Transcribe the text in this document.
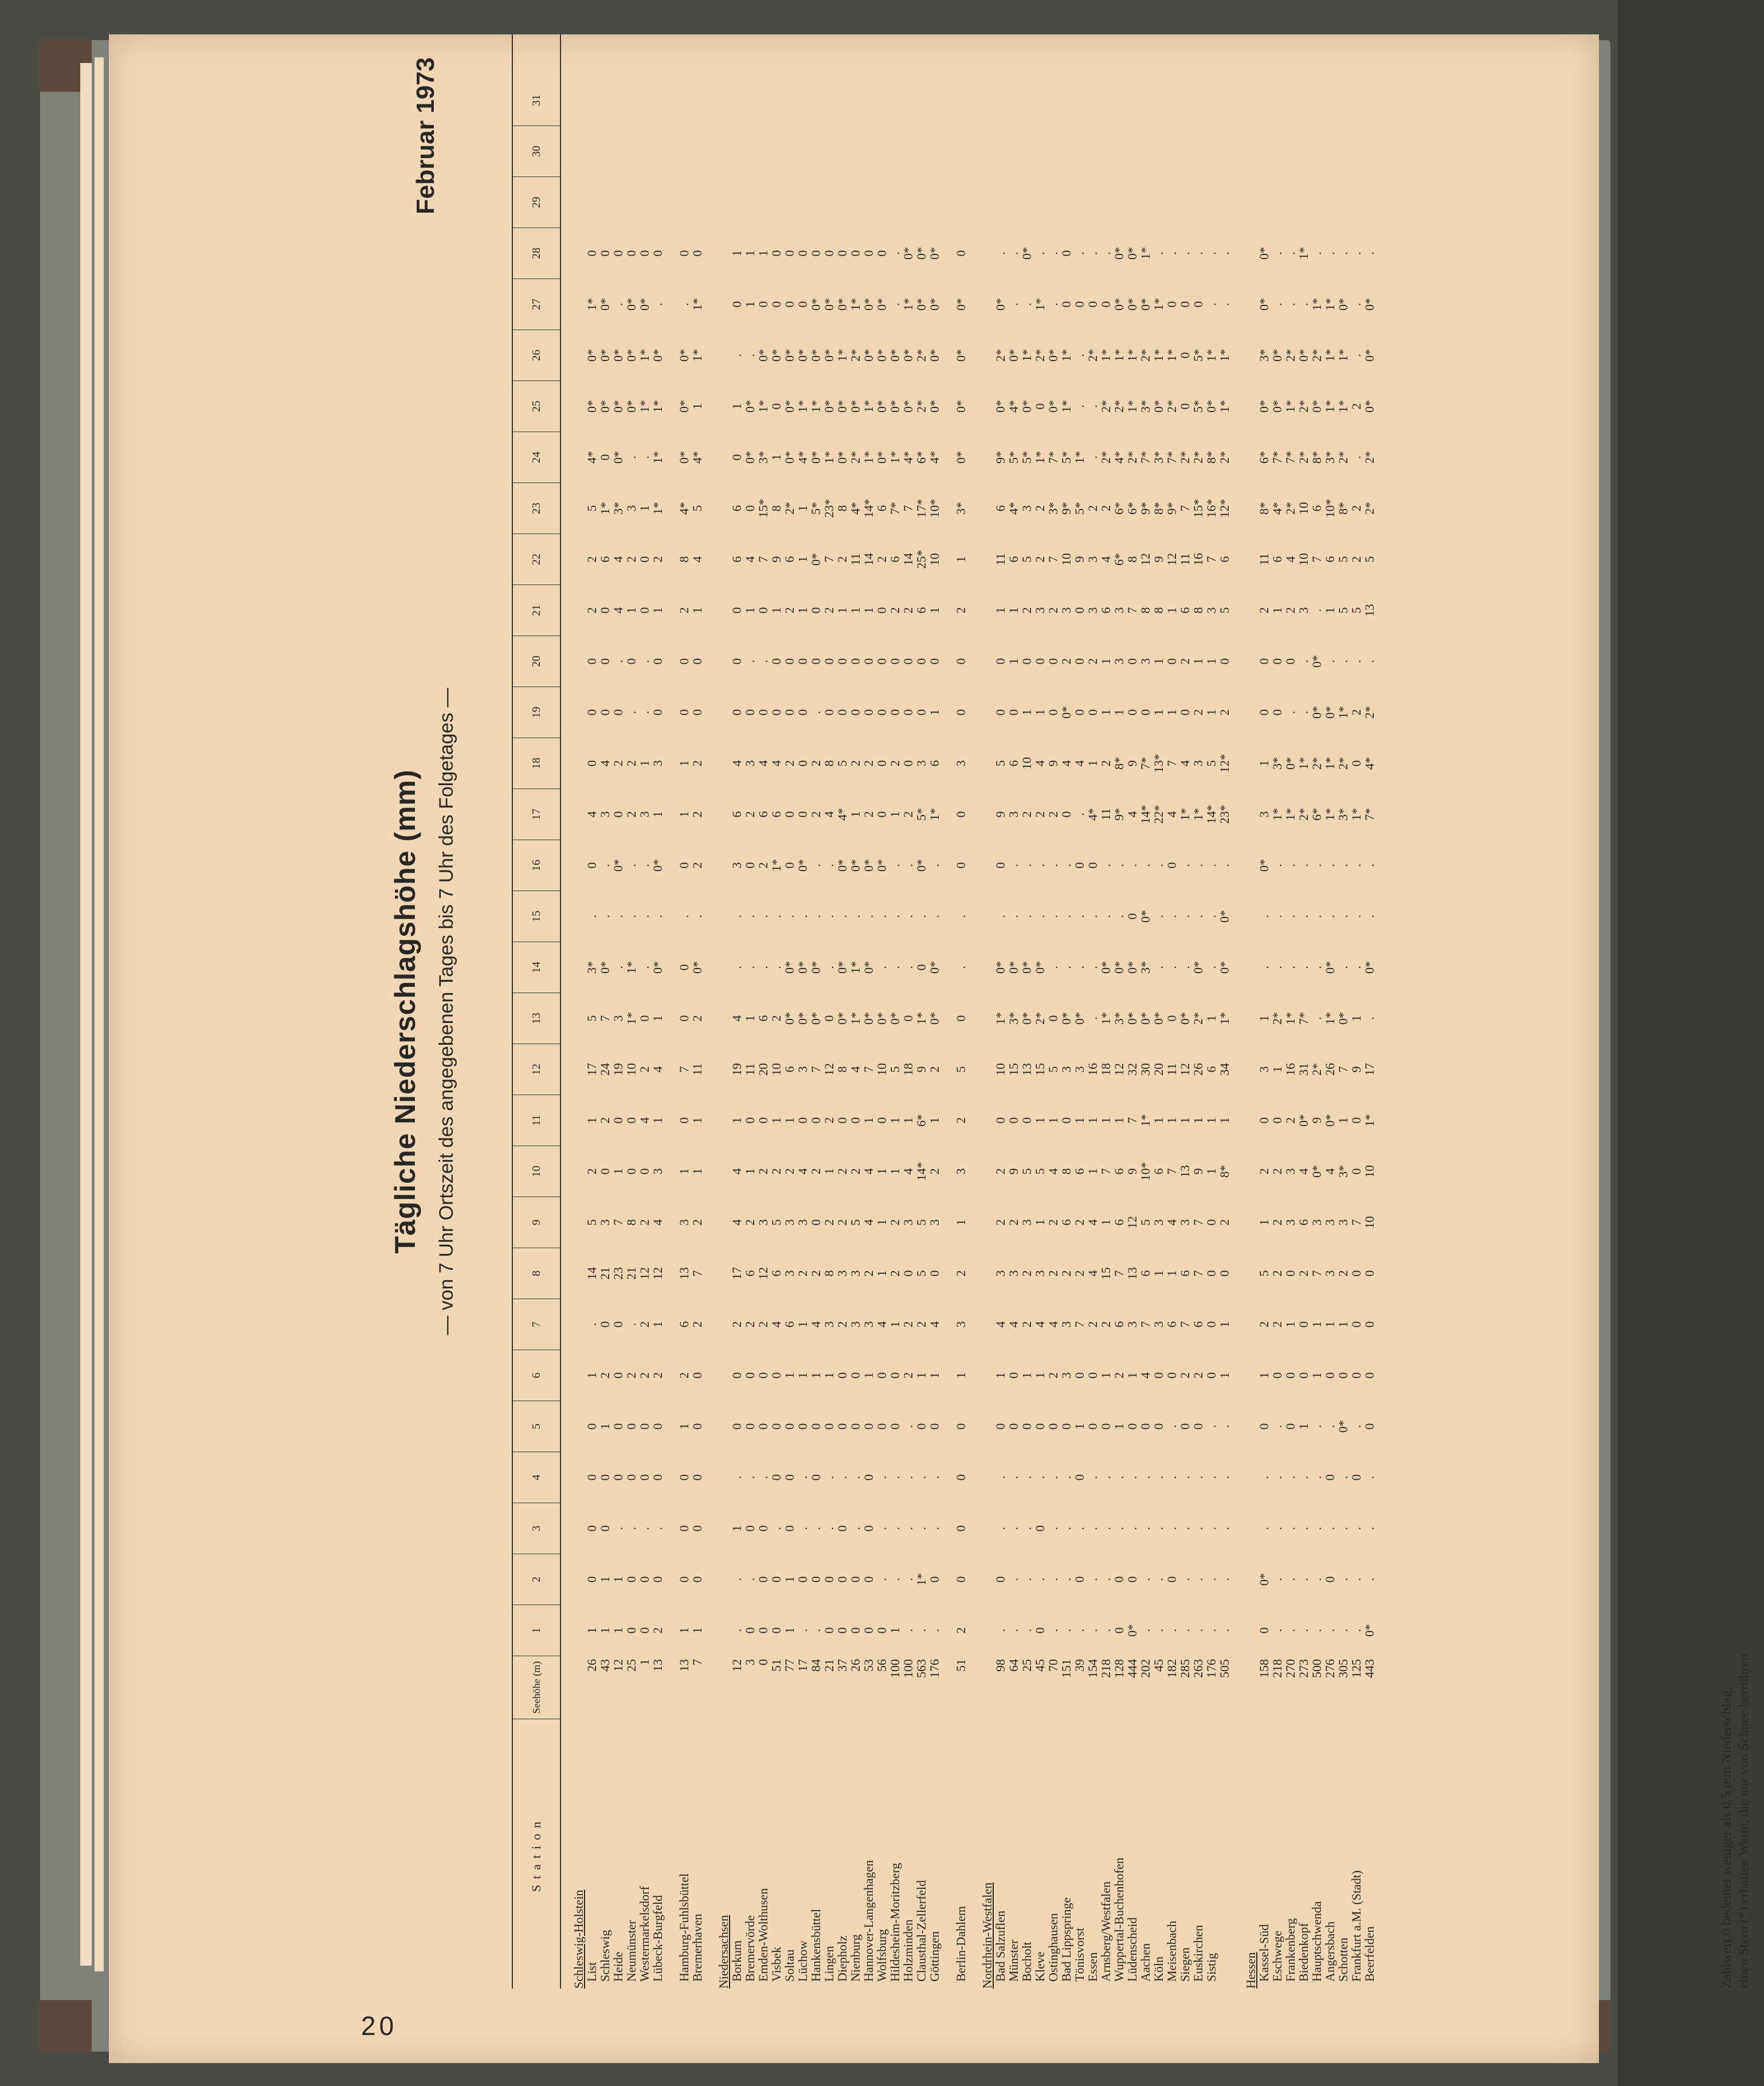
20
Tägliche Niederschlagshöhe (mm) — von 7 Uhr Ortszeit des angegebenen Tages bis 7 Uhr des Folgetages —
Februar 1973
Station
Seehöhe (m)
1
2
3
4
5
6
7
8
9
10
11
12
13
14
15
16
17
18
19
20
21
22
23
24
25
26
27
28
29
30
31
Schleswig-Holstein
List
26
1
0
0
0
0
1
.
14
5
2
1
17
5
3*
.
0
4
0
0
0
2
2
5
4*
0*
0*
1*
0
Schleswig
43
1
1
0
0
1
2
0
21
3
0
2
24
7
0*
.
.
3
4
0
0
0
6
1*
0
0*
0*
0*
0
Heide
12
1
1
.
0
0
0
0
23
7
1
0
19
3
.
.
0*
0
2
0
.
4
4
3*
0*
0*
0*
.
0
Neumünster
25
0
0
.
0
0
2
.
21
8
0
0
10
1*
1*
.
.
2
2
.
0
1
2
3
.
0*
0*
0*
0
Westermarkelsdorf
1
0
0
.
0
0
2
2
12
2
0
4
2
0
.
.
.
3
1
.
.
0
0
1
.
1*
1*
0*
0
Lübeck-Burgfeld
13
2
0
.
0
0
2
1
12
4
3
1
4
1
0*
.
0*
1
3
0
0
1
2
1*
1*
1*
0*
.
0
Hamburg-Fuhlsbüttel
13
1
0
0
0
1
2
6
13
3
1
0
7
0
0
.
0
1
1
0
0
2
8
4*
0*
0*
0*
.
0
Bremerhaven
7
1
0
0
0
0
0
2
7
2
1
1
11
2
0*
.
2
2
2
0
0
1
4
5
4*
1
1*
1*
0
Niedersachsen
Borkum
12
.
.
1
.
0
0
2
17
4
4
1
19
4
.
.
3
6
4
0
0
0
6
6
0
1
.
0
1
Bremervörde
3
0
.
0
.
0
0
2
6
2
1
0
11
1
.
.
0
2
3
0
.
1
4
0
0*
0*
.
1
1
Emden-Wolthusen
0
0
0
0
.
0
0
2
12
3
2
0
20
6
.
.
2
6
4
0
.
0
7
15*
3*
1*
0*
0
1
Visbek
51
0
0
.
0
0
0
4
6
5
2
1
10
2
.
.
1*
6
4
0
0
1
9
8
1
0
0*
0
0
Soltau
77
1
1
0
0
0
1
6
3
3
2
1
6
0*
0*
.
0
0
2
0
0
2
6
2*
0*
0*
0*
0
0
Lüchow
17
.
0
.
.
0
1
1
2
3
4
0
3
0*
0*
.
0*
0
0
0
0
1
1
1
4*
1*
0*
0
0
Hankensbüttel
84
.
0
.
0
0
1
4
2
0
2
0
7
0*
0*
.
.
2
2
.
0
0
0*
5*
0*
1*
0*
0*
0
Lingen
21
0
0
.
.
0
1
3
8
2
1
2
12
0
.
.
.
4
8
0
0
2
7
23*
1*
0*
0*
0*
0
Diepholz
37
0
0
0
.
0
0
2
3
2
2
0
8
0*
0*
.
0*
4*
5
0
0
1
2
8
0*
0*
1*
0*
0
Nienburg
26
0
0
.
.
0
0
3
3
5
2
0
4
1*
1*
.
0*
1
2
0
0
1
11
4*
2*
0*
2*
1*
0
Hannover-Langenhagen
53
0
0
0
0
0
1
3
2
4
4
1
7
0*
0*
.
0*
2
2
0
0
1
14
14*
1*
1*
0*
0*
0
Wolfsburg
56
0
.
.
.
0
0
4
1
1
1
0
10
0*
.
.
0*
0
0
0
0
0
2
6
0*
0*
0*
0*
0
Hildesheim-Moritzberg
100
1
.
.
.
0
0
1
2
2
1
1
5
0*
.
.
.
1
2
0
0
2
6
7*
1*
0*
0*
.
.
Holzminden
100
.
.
.
.
.
2
2
0
3
4
1
18
0
.
.
.
2
0
0
0
2
14
7
4*
0*
0*
1*
0*
Clausthal-Zellerfeld
563
.
1*
.
.
0
1
2
5
5
14*
6*
9
1*
0
.
0*
5*
3
0
0
6
25*
17*
6*
2*
2*
0*
0*
Göttingen
176
.
0
.
.
0
1
4
0
3
2
1
2
0*
0*
.
.
1*
6
1
0
1
10
10*
4*
0*
0*
0*
0*
Berlin-Dahlem
51
2
0
0
0
0
1
3
2
1
3
2
5
0
.
.
0
0
3
0
0
2
1
3*
0*
0*
0*
0*
0
Nordrhein-Westfalen
Bad Salzuflen
98
.
0
.
.
0
1
4
3
2
2
0
10
1*
0*
.
0
9
5
0
0
1
11
6
9*
0*
2*
0*
.
Münster
64
.
.
.
.
0
0
4
3
2
9
0
15
3*
0*
.
.
3
6
0
1
1
6
4*
5*
4*
0*
.
.
Bocholt
25
.
.
.
.
0
1
2
2
3
5
0
13
0*
0*
.
.
2
10
1
0
2
5
3
5*
0*
1*
.
0*
Kleve
45
0
.
0
.
0
1
4
3
1
5
1
15
2*
0*
.
.
2
4
1
0
3
2
2
1*
0
2*
1*
.
Ostinghausen
70
.
.
.
.
0
2
4
2
2
4
1
5
0
.
.
.
2
9
0
0
2
7
3*
7*
0*
0*
.
.
Bad Lippspringe
151
.
.
.
.
0
3
3
2
6
8
0
3
0*
.
.
.
0
4
0*
2
3
10
9*
5*
1*
1*
0
0
Tönisvorst
39
.
0
.
0
1
0
7
2
2
6
1
3
0*
.
.
0
.
4
0
0
0
9
5*
1*
.
.
0
.
Essen
154
.
.
.
.
0
0
2
4
4
1
1
16
.
.
.
0
4*
1
0
2
3
3
2
.
.
2*
0
.
Arnsberg/Westfalen
218
.
.
.
.
0
1
2
15
1
7
1
18
1*
0*
.
.
11
2
1
1
6
4
2
2*
2*
1*
0
.
Wuppertal-Buchenhofen
128
0
0
.
.
1
2
6
7
6
6
1
12
3*
0*
.
.
9*
8*
1
3
3
6*
6*
4*
2*
1*
0*
0*
Lüdenscheid
444
0*
0
.
.
0
1
3
13
12
9
7
32
0*
0*
0
.
4
9
0
0
7
8
6*
2*
1*
1*
0*
0*
Aachen
202
.
.
.
.
0
4
7
6
5
10*
1*
30
0*
3*
0*
.
14*
7*
0
3
8
12
9*
7*
3*
2*
0*
1*
Köln
45
.
.
.
.
0
0
3
1
3
6
1
20
0*
.
.
.
22*
13*
1
1
8
9
8*
3*
0*
1*
1*
.
Meisenbach
182
.
0
.
.
.
0
6
1
4
7
1
11
0
.
.
0
4
7
1
0
1
12
9*
7*
2*
1*
0
.
Siegen
285
.
.
.
.
0
2
7
6
3
13
1
12
0*
.
.
.
1*
4
0
2
6
11
7
2*
0
0
0
.
Euskirchen
263
.
.
.
.
0
2
6
7
7
9
1
26
2*
0*
.
.
1*
3
2
1
8
16
15*
2*
5*
5*
0
.
Sistig
176
.
.
.
.
.
0
0
0
0
1
1
6
1
.
.
.
14*
5
1
1
3
7
16*
8*
0*
1*
.
.
505
.
.
.
.
.
1
1
0
2
8*
1
34
1*
0*
0*
.
23*
12*
2
0
5
6
12*
2*
1*
1*
.
.
Hessen
Kassel-Süd
158
0
0*
.
.
0
1
2
5
1
2
0
3
1
.
.
0*
3
1
0
0
2
11
8*
6*
0*
3*
0*
0*
Eschwege
218
.
.
.
.
.
0
2
2
2
2
0
1
2*
.
.
.
1*
3*
0
0
1
6
4*
7*
0*
0*
.
.
Frankenberg
270
.
.
.
.
0
0
1
0
3
3
2
16
1*
.
.
.
1*
0*
.
0
2
4
2*
7*
1*
2*
.
.
Biedenkopf
273
.
.
.
.
1
0
0
2
6
4
0*
31
7*
.
.
.
2*
1*
.
.
3
10
10
2*
2*
0*
.
1*
Hauptschwenda
500
.
.
.
.
.
1
1
7
3
0*
9
2*
.
.
.
.
6*
2*
0*
0*
.
7
6
8*
0*
2*
1*
.
Angersbach
276
.
0
.
0
.
0
1
3
3
4
0*
26
1*
0*
.
.
1*
1*
0*
.
1
6
10*
3*
1*
1*
1*
.
Schotten
305
.
.
.
.
0*
0
1
2
3
3*
1
7
0*
.
.
.
3*
2*
1*
.
5
5
8*
2*
1*
1*
0*
.
Frankfurt a.M. (Stadt)
125
.
.
.
0
.
0
0
0
7
0
0
9
1
.
.
.
1*
0
2
.
5
2
2
.
2
.
.
.
Beerfelden
443
0*
.
.
.
0
0
0
0
10
10
1*
17
.
0*
.
.
7*
4*
2*
.
13
5
2*
2*
0*
0*
0*
.
Zahlwert 0 bedeutet weniger als 0,5 mm Niederschlag, einen Stern (*) erhalten Werte, die nur von Schnee herrühren
